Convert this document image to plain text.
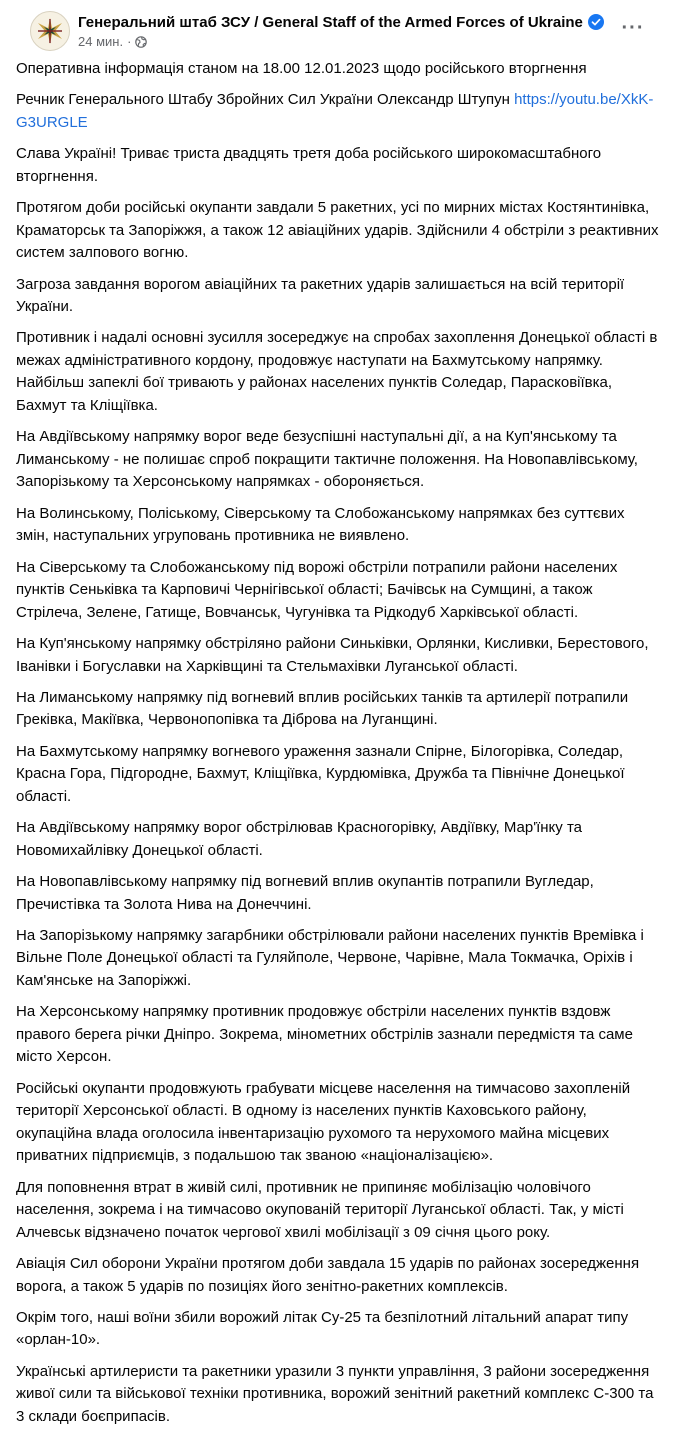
Генеральний штаб ЗСУ / General Staff of the Armed Forces of Ukraine
24 мин. ·
···

Оперативна інформація станом на 18.00 12.01.2023 щодо російського вторгнення

Речник Генерального Штабу Збройних Сил України Олександр Штупун https://youtu.be/XkK-G3URGLE

Слава Україні! Триває триста двадцять третя доба російського широкомасштабного вторгнення.

Протягом доби російські окупанти завдали 5 ракетних, усі по мирних містах Костянтинівка, Краматорськ та Запоріжжя, а також 12 авіаційних ударів. Здійснили 4 обстріли з реактивних систем залпового вогню.

Загроза завдання ворогом авіаційних та ракетних ударів залишається на всій території України.

Противник і надалі основні зусилля зосереджує на спробах захоплення Донецької області в межах адміністративного кордону, продовжує наступати на Бахмутському напрямку. Найбільш запеклі бої тривають у районах населених пунктів Соледар, Парасковіївка, Бахмут та Кліщіївка.

На Авдіївському напрямку ворог веде безуспішні наступальні дії, а на Куп'янському та Лиманському - не полишає спроб покращити тактичне положення. На Новопавлівському, Запорізькому та Херсонському напрямках - обороняється.

На Волинському, Поліському, Сіверському та Слобожанському напрямках без суттєвих змін, наступальних угруповань противника не виявлено.

На Сіверському та Слобожанському під ворожі обстріли потрапили райони населених пунктів Сеньківка та Карповичі Чернігівської області; Бачівськ на Сумщині, а також Стрілеча, Зелене, Гатище, Вовчанськ, Чугунівка та Рідкодуб Харківської області.

На Куп'янському напрямку обстріляно райони Синьківки, Орлянки, Кисливки, Берестового, Іванівки і Богуславки на Харківщині та Стельмахівки Луганської області.

На Лиманському напрямку під вогневий вплив російських танків та артилерії потрапили Греківка, Макіївка, Червонопопівка та Діброва на Луганщині.

На Бахмутському напрямку вогневого ураження зазнали Спірне, Білогорівка, Соледар, Красна Гора, Підгородне, Бахмут, Кліщіївка, Курдюмівка, Дружба та Північне Донецької області.

На Авдіївському напрямку ворог обстрілював Красногорівку, Авдіївку, Мар'їнку та Новомихайлівку Донецької області.

На Новопавлівському напрямку під вогневий вплив окупантів потрапили Вугледар, Пречистівка та Золота Нива на Донеччині.

На Запорізькому напрямку загарбники обстрілювали райони населених пунктів Времівка і Вільне Поле Донецької області та Гуляйполе, Червоне, Чарівне, Мала Токмачка, Оріхів і Кам'янське на Запоріжжі.

На Херсонському напрямку противник продовжує обстріли населених пунктів вздовж правого берега річки Дніпро. Зокрема, мінометних обстрілів зазнали передмістя та саме місто Херсон.

Російські окупанти продовжують грабувати місцеве населення на тимчасово захопленій території Херсонської області. В одному із населених пунктів Каховського району, окупаційна влада оголосила інвентаризацію рухомого та нерухомого майна місцевих приватних підприємців, з подальшою так званою «націоналізацією».

Для поповнення втрат в живій силі, противник не припиняє мобілізацію чоловічого населення, зокрема і на тимчасово окупованій території Луганської області. Так, у місті Алчевськ відзначено початок чергової хвилі мобілізації з 09 січня цього року.

Авіація Сил оборони України протягом доби завдала 15 ударів по районах зосередження ворога, а також 5 ударів по позиціях його зенітно-ракетних комплексів.

Окрім того, наші воїни збили ворожий літак Су-25 та безпілотний літальний апарат типу «орлан-10».

Українські артилеристи та ракетники уразили 3 пункти управління, 3 райони зосередження живої сили та військової техніки противника, ворожий зенітний ракетний комплекс С-300 та 3 склади боєприпасів.
